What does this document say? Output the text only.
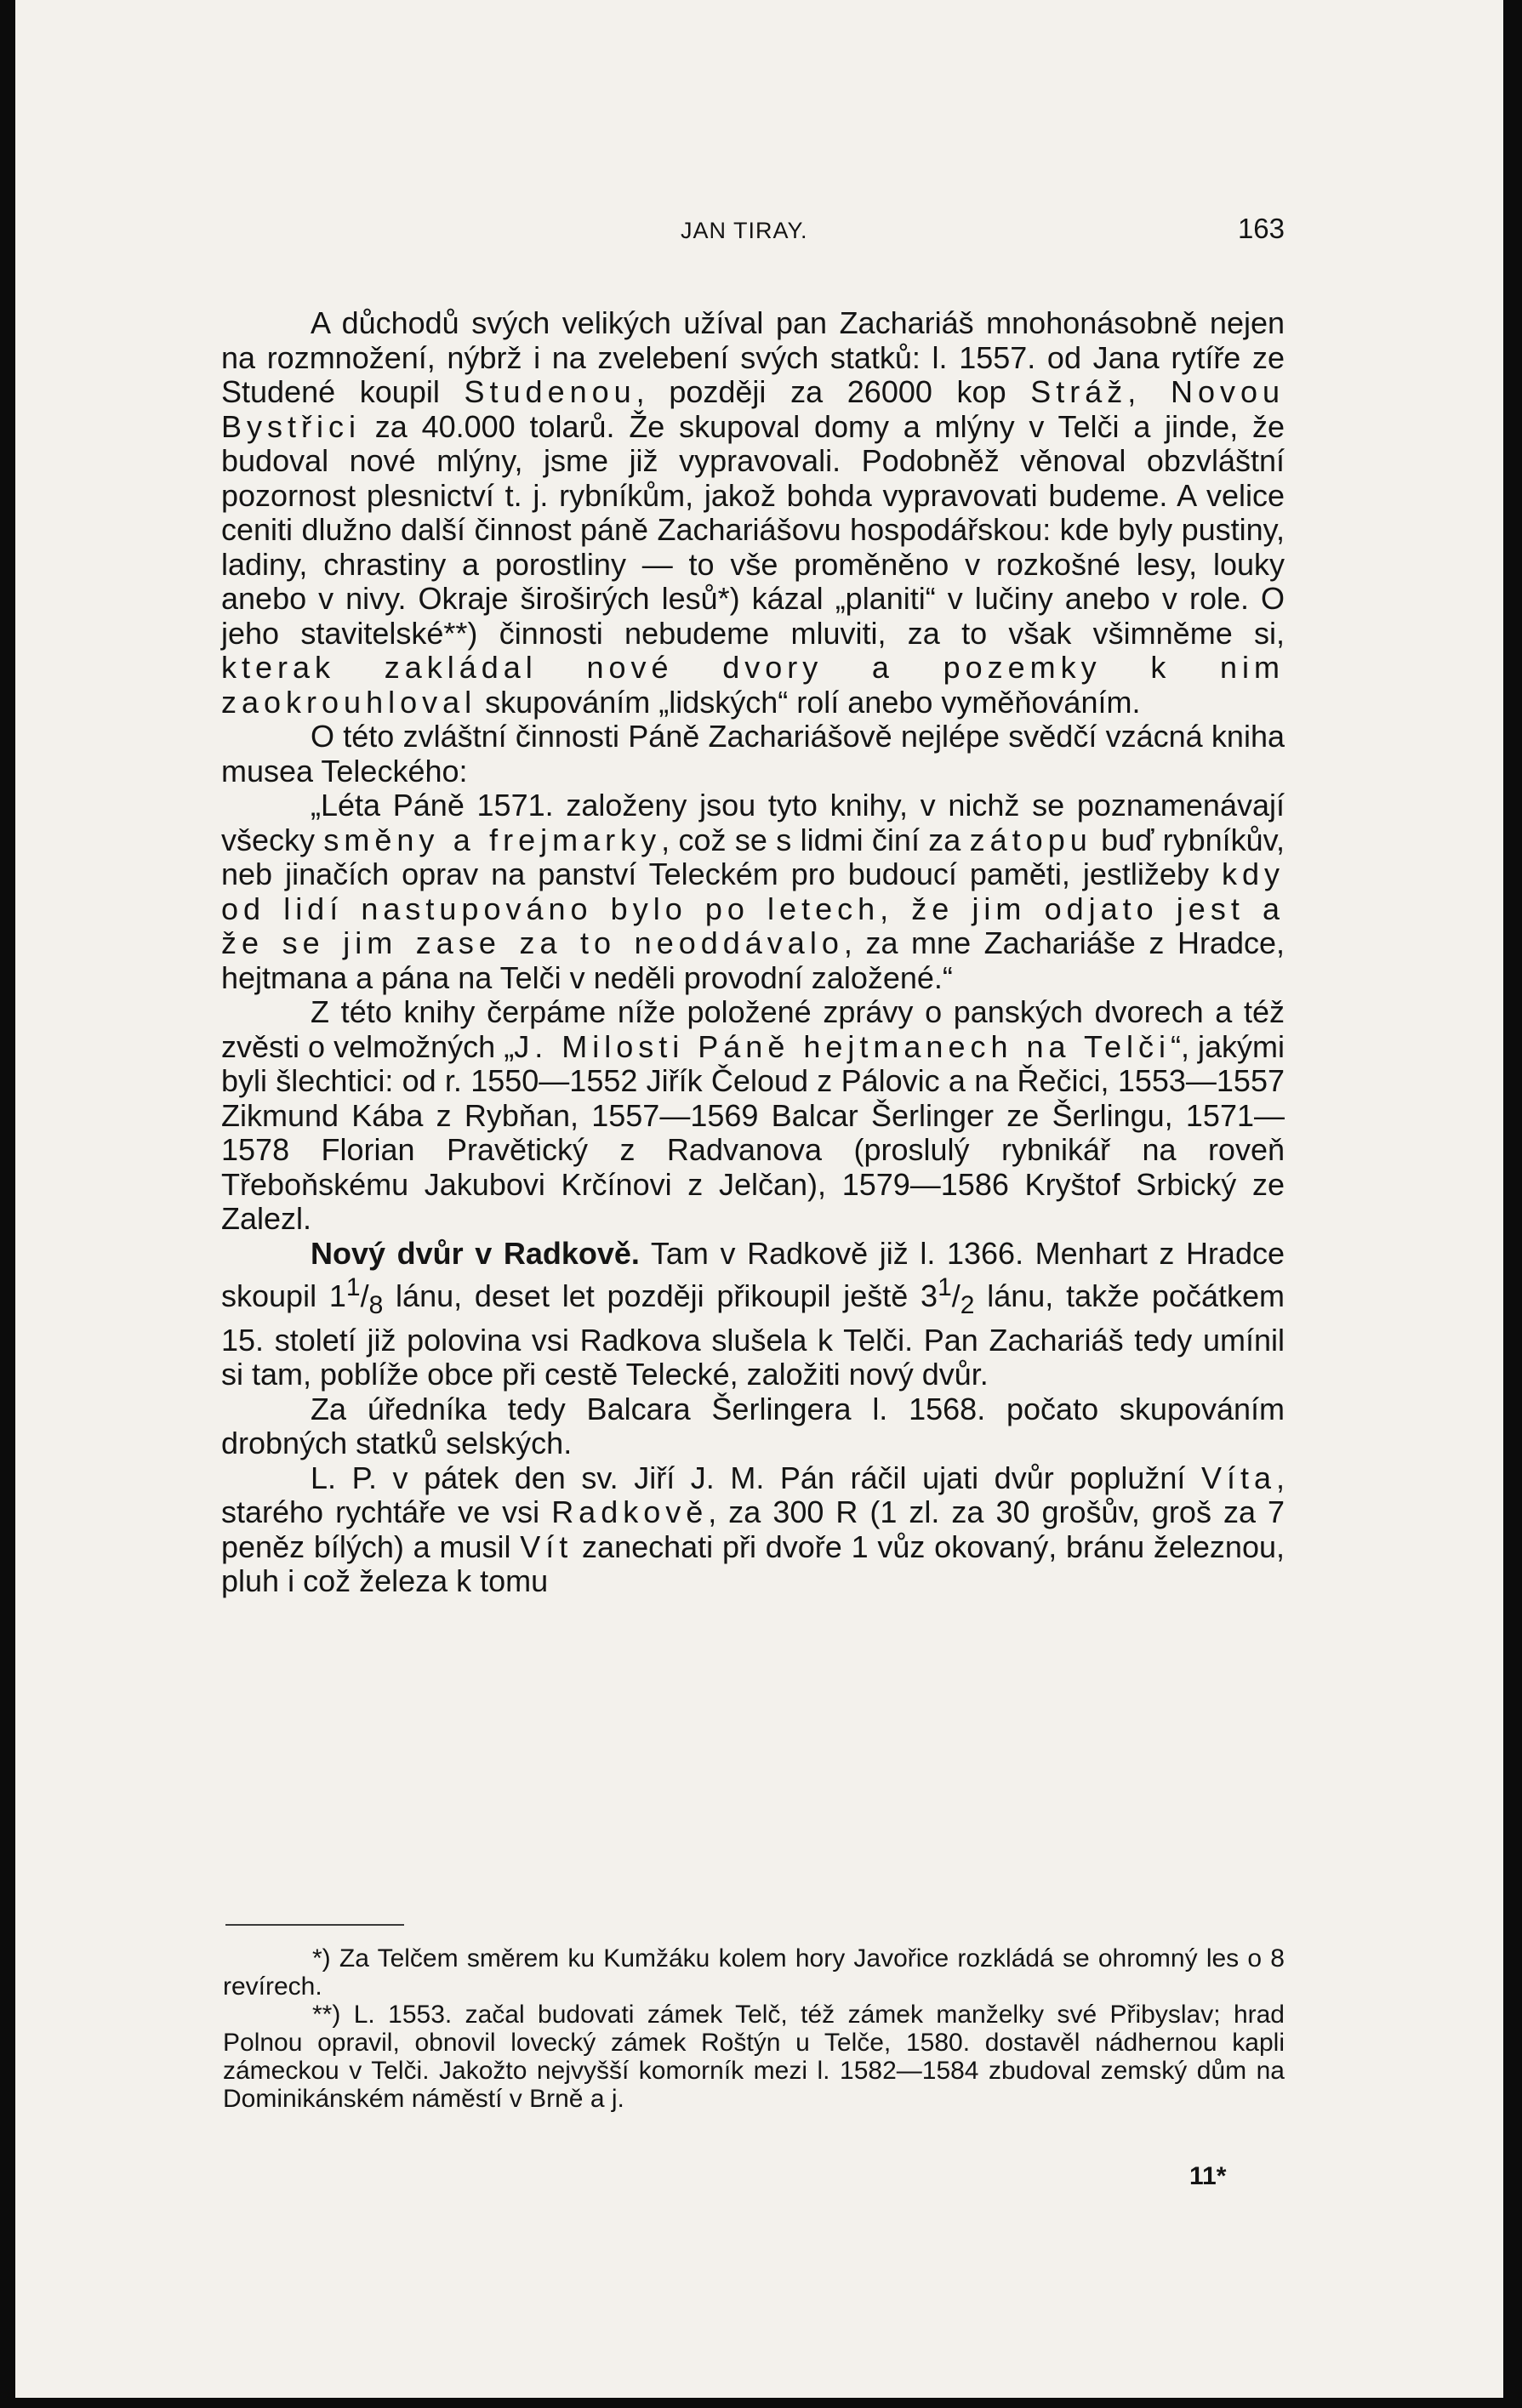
JAN TIRAY.	163

A důchodů svých velikých užíval pan Zachariáš mnohonásobně nejen na rozmnožení, nýbrž i na zvelebení svých statků: l. 1557. od Jana rytíře ze Studené koupil Studenou, později za 26000 kop Stráž, Novou Bystřici za 40.000 tolarů. Že skupoval domy a mlýny v Telči a jinde, že budoval nové mlýny, jsme již vypravovali. Podobněž věnoval obzvláštní pozornost plesnictví t. j. rybníkům, jakož bohda vypravovati budeme. A velice ceniti dlužno další činnost páně Zachariášovu hospodářskou: kde byly pustiny, ladiny, chrastiny a porostliny — to vše proměněno v rozkošné lesy, louky anebo v nivy. Okraje široširých lesů*) kázal „planiti“ v lučiny anebo v role. O jeho stavitelské**) činnosti nebudeme mluviti, za to však všimněme si, kterak zakládal nové dvory a pozemky k nim zaokrouhloval skupováním „lidských“ rolí anebo vyměňováním.

O této zvláštní činnosti Páně Zachariášově nejlépe svědčí vzácná kniha musea Teleckého:

„Léta Páně 1571. založeny jsou tyto knihy, v nichž se poznamenávají všecky směny a frejmarky, což se s lidmi činí za zátopu buď rybníkův, neb jinačích oprav na panství Teleckém pro budoucí paměti, jestližeby kdy od lidí nastupováno bylo po letech, že jim odjato jest a že se jim zase za to neoddávalo, za mne Zachariáše z Hradce, hejtmana a pána na Telči v neděli provodní založené.“

Z této knihy čerpáme níže položené zprávy o panských dvorech a též zvěsti o velmožných „J. Milosti Páně hejtmanech na Telči“, jakými byli šlechtici: od r. 1550—1552 Jiřík Čeloud z Pálovic a na Řečici, 1553—1557 Zikmund Kába z Rybňan, 1557—1569 Balcar Šerlinger ze Šerlingu, 1571—1578 Florian Pravětický z Radvanova (proslulý rybnikář na roveň Třeboňskému Jakubovi Krčínovi z Jelčan), 1579—1586 Kryštof Srbický ze Zalezl.

Nový dvůr v Radkově. Tam v Radkově již l. 1366. Menhart z Hradce skoupil $1^1/_8$ lánu, deset let později přikoupil ještě $3^1/_2$ lánu, takže počátkem 15. století již polovina vsi Radkova slušela k Telči. Pan Zachariáš tedy umínil si tam, poblíže obce při cestě Telecké, založiti nový dvůr.

Za úředníka tedy Balcara Šerlingera l. 1568. počato skupováním drobných statků selských.

L. P. v pátek den sv. Jiří J. M. Pán ráčil ujati dvůr poplužní Víta, starého rychtáře ve vsi Radkově, za 300 R (1 zl. za 30 grošův, groš za 7 peněz bílých) a musil Vít zanechati při dvoře 1 vůz okovaný, bránu železnou, pluh i což železa k tomu

*) Za Telčem směrem ku Kumžáku kolem hory Javořice rozkládá se ohromný les o 8 revírech.

**) L. 1553. začal budovati zámek Telč, též zámek manželky své Přibyslav; hrad Polnou opravil, obnovil lovecký zámek Roštýn u Telče, 1580. dostavěl nádhernou kapli zámeckou v Telči. Jakožto nejvyšší komorník mezi l. 1582—1584 zbudoval zemský dům na Dominikánském náměstí v Brně a j.

11*
